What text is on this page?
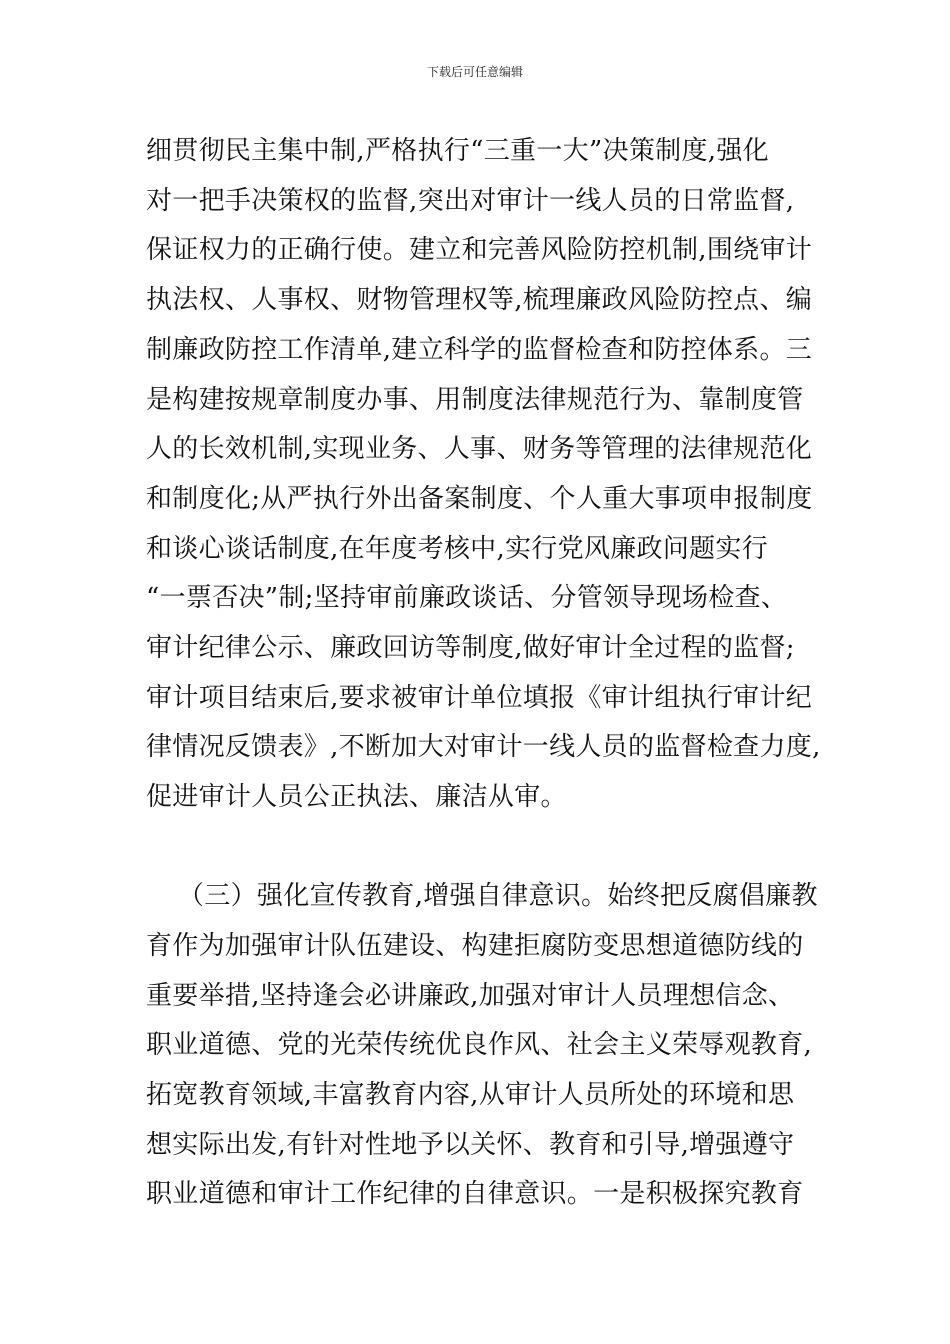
下载后可任意编辑
细贯彻民主集中制,严格执行“三重一大”决策制度,强化
对一把手决策权的监督,突出对审计一线人员的日常监督,
保证权力的正确行使。建立和完善风险防控机制,围绕审计
执法权、人事权、财物管理权等,梳理廉政风险防控点、编
制廉政防控工作清单,建立科学的监督检查和防控体系。三
是构建按规章制度办事、用制度法律规范行为、靠制度管
人的长效机制,实现业务、人事、财务等管理的法律规范化
和制度化;从严执行外出备案制度、个人重大事项申报制度
和谈心谈话制度,在年度考核中,实行党风廉政问题实行
“一票否决”制;坚持审前廉政谈话、分管领导现场检查、
审计纪律公示、廉政回访等制度,做好审计全过程的监督;
审计项目结束后,要求被审计单位填报《审计组执行审计纪
律情况反馈表》,不断加大对审计一线人员的监督检查力度,
促进审计人员公正执法、廉洁从审。
（三）强化宣传教育,增强自律意识。始终把反腐倡廉教
育作为加强审计队伍建设、构建拒腐防变思想道德防线的
重要举措,坚持逢会必讲廉政,加强对审计人员理想信念、
职业道德、党的光荣传统优良作风、社会主义荣辱观教育,
拓宽教育领域,丰富教育内容,从审计人员所处的环境和思
想实际出发,有针对性地予以关怀、教育和引导,增强遵守
职业道德和审计工作纪律的自律意识。一是积极探究教育
